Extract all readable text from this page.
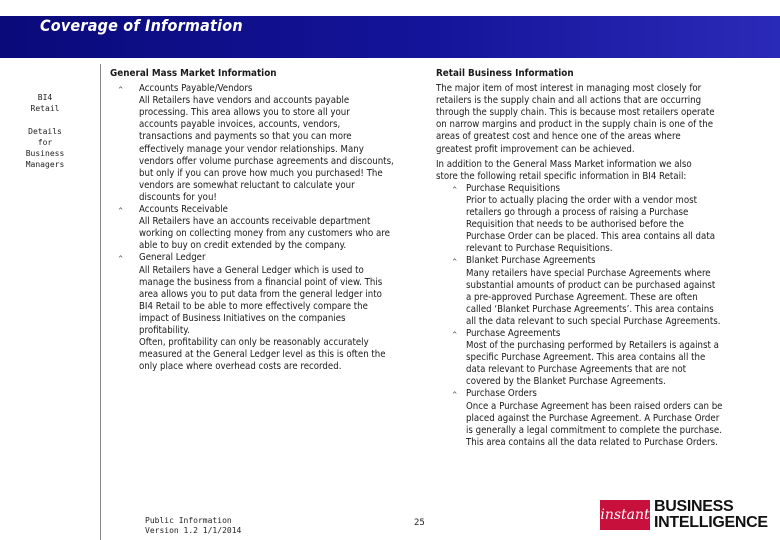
Coverage of Information
BI4
Retail
Details
for
Business
Managers
General Mass Market Information
^ Accounts Payable/Vendors
All Retailers have vendors and accounts payable
processing. This area allows you to store all your
accounts payable invoices, accounts, vendors,
transactions and payments so that you can more
effectively manage your vendor relationships. Many
vendors offer volume purchase agreements and discounts,
but only if you can prove how much you purchased! The
vendors are somewhat reluctant to calculate your
discounts for you!
^ Accounts Receivable
All Retailers have an accounts receivable department
working on collecting money from any customers who are
able to buy on credit extended by the company.
^ General Ledger
All Retailers have a General Ledger which is used to
manage the business from a financial point of view. This
area allows you to put data from the general ledger into
BI4 Retail to be able to more effectively compare the
impact of Business Initiatives on the companies
profitability.
Often, profitability can only be reasonably accurately
measured at the General Ledger level as this is often the
only place where overhead costs are recorded.
Retail Business Information
The major item of most interest in managing most closely for
retailers is the supply chain and all actions that are occurring
through the supply chain. This is because most retailers operate
on narrow margins and product in the supply chain is one of the
areas of greatest cost and hence one of the areas where
greatest profit improvement can be achieved.
In addition to the General Mass Market information we also
store the following retail specific information in BI4 Retail:
^ Purchase Requisitions
Prior to actually placing the order with a vendor most
retailers go through a process of raising a Purchase
Requisition that needs to be authorised before the
Purchase Order can be placed. This area contains all data
relevant to Purchase Requisitions.
^ Blanket Purchase Agreements
Many retailers have special Purchase Agreements where
substantial amounts of product can be purchased against
a pre-approved Purchase Agreement. These are often
called ‘Blanket Purchase Agreements’. This area contains
all the data relevant to such special Purchase Agreements.
^ Purchase Agreements
Most of the purchasing performed by Retailers is against a
specific Purchase Agreement. This area contains all the
data relevant to Purchase Agreements that are not
covered by the Blanket Purchase Agreements.
^ Purchase Orders
Once a Purchase Agreement has been raised orders can be
placed against the Purchase Agreement. A Purchase Order
is generally a legal commitment to complete the purchase.
This area contains all the data related to Purchase Orders.
Public Information
Version 1.2 1/1/2014
25	instant BUSINESS
INTELLIGENCE
